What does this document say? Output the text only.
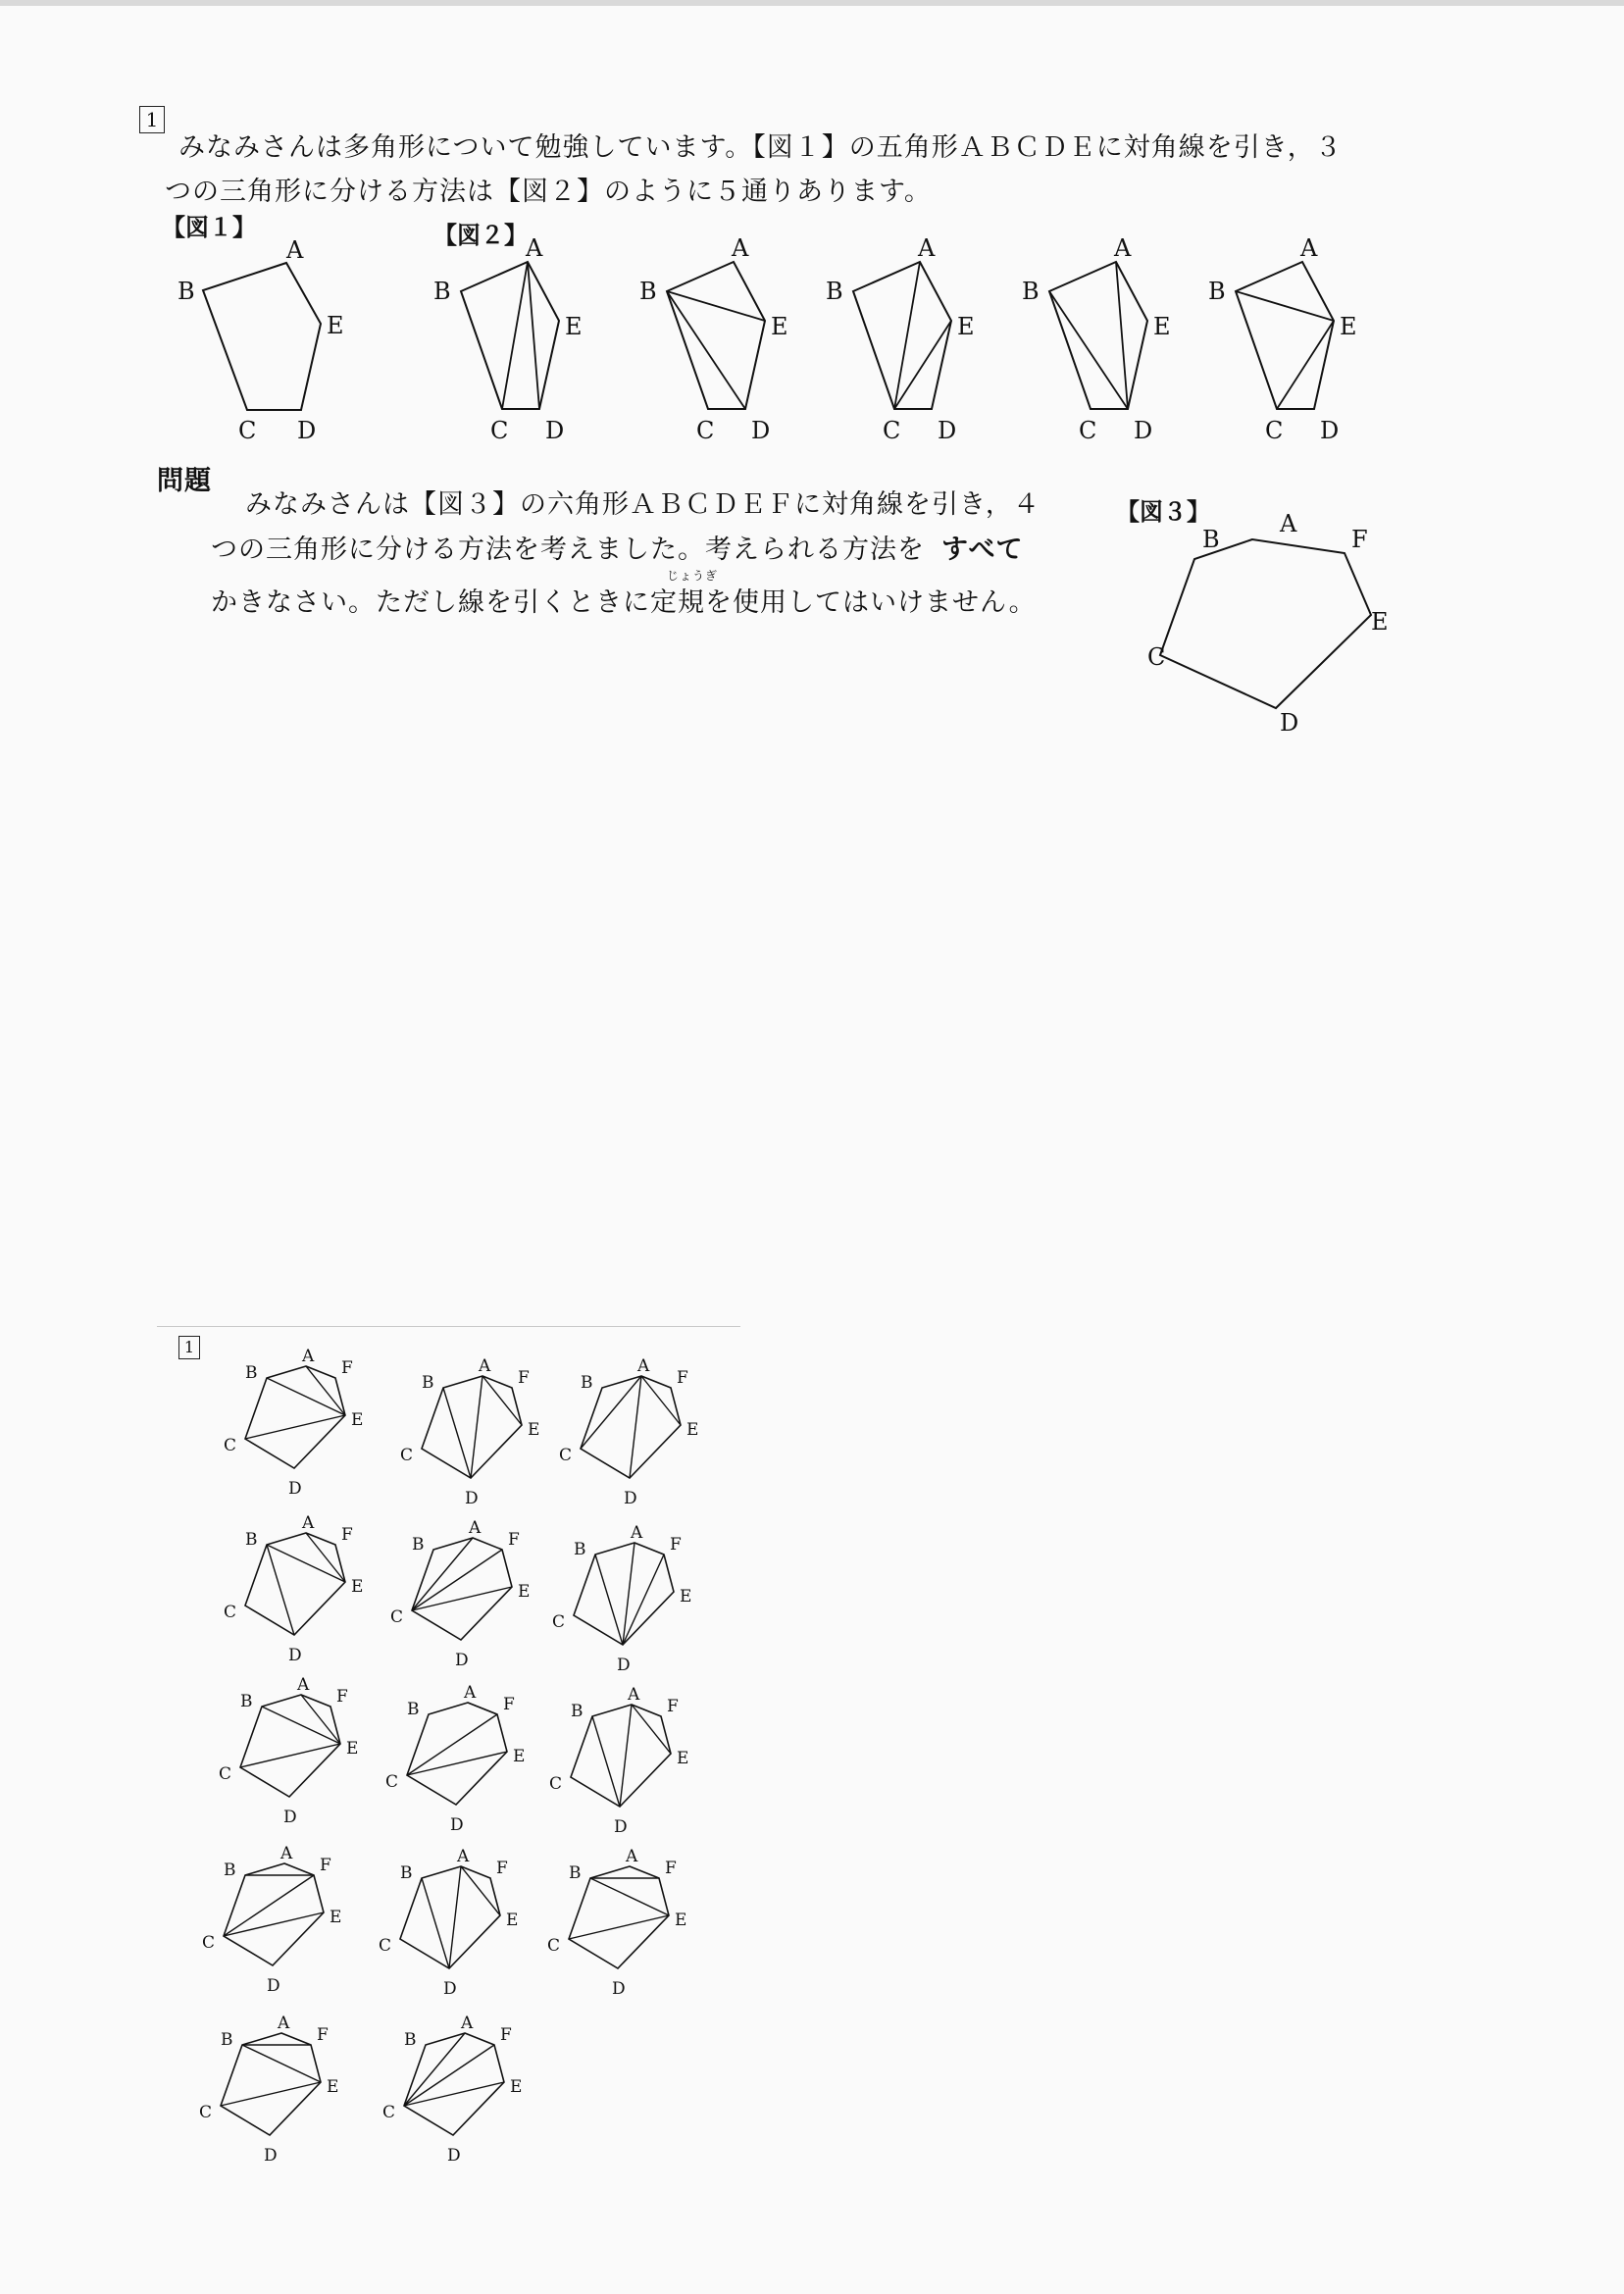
1
みなみさんは多角形について勉強しています。【図１】の五角形ＡＢＣＤＥに対角線を引き，３
つの三角形に分ける方法は【図２】のように５通りあります。
【図１】	【図２】
A
B
C D
E
A
B
C D
E
A
B
C D
E
A
B
C D
E
A
B
C D
E
A
B
C D
E
問題
みなみさんは【図３】の六角形ＡＢＣＤＥＦに対角線を引き，４
つの三角形に分ける方法を考えました。考えられる方法を すべて
じょうぎ
かきなさい。ただし線を引くときに定規を使用してはいけません。
【図３】	A
B
C
D
E
F
1	A
B
C
D
E
F	A
B
C
D
E
F
A
B
C
D
E
F
A
B
C
D
E
F	A
B
C
D
E
F	A
B
C
D
E
F
A
B
C
D
E
F	A
B
C
D
E
F	A
B
C
D
E
F
A
B
C
D
E
F	A
B
C
D
E
F
A
B
C
D
E
F
A
B
C
D
E
F
A
B
C
D
E
F
